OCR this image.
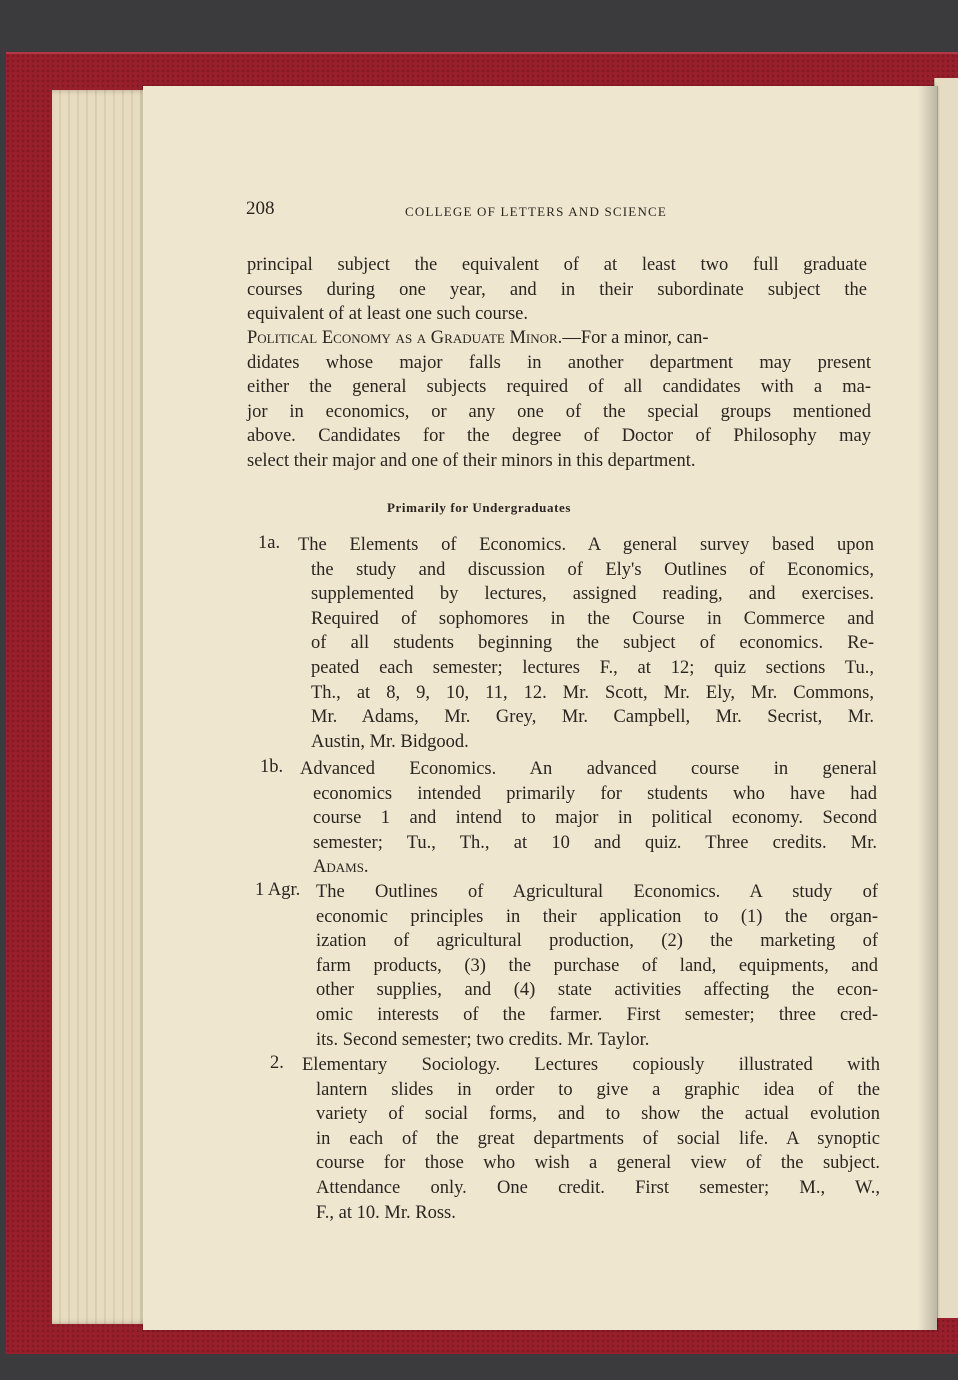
208	COLLEGE OF LETTERS AND SCIENCE
principal subject the equivalent of at least two full graduate
courses during one year, and in their subordinate subject the
equivalent of at least one such course.
Political Economy as a Graduate Minor.—For a minor, can-
didates whose major falls in another department may present
either the general subjects required of all candidates with a ma-
jor in economics, or any one of the special groups mentioned
above. Candidates for the degree of Doctor of Philosophy may
select their major and one of their minors in this department.
Primarily for Undergraduates
1a. The Elements of Economics. A general survey based upon
the study and discussion of Ely's Outlines of Economics,
supplemented by lectures, assigned reading, and exercises.
Required of sophomores in the Course in Commerce and
of all students beginning the subject of economics. Re-
peated each semester; lectures F., at 12; quiz sections Tu.,
Th., at 8, 9, 10, 11, 12. Mr. Scott, Mr. Ely, Mr. Commons,
Mr. Adams, Mr. Grey, Mr. Campbell, Mr. Secrist, Mr.
Austin, Mr. Bidgood.
1b. Advanced Economics. An advanced course in general
economics intended primarily for students who have had
course 1 and intend to major in political economy. Second
semester; Tu., Th., at 10 and quiz. Three credits. Mr.
Adams.
1 Agr. The Outlines of Agricultural Economics. A study of
economic principles in their application to (1) the organ-
ization of agricultural production, (2) the marketing of
farm products, (3) the purchase of land, equipments, and
other supplies, and (4) state activities affecting the econ-
omic interests of the farmer. First semester; three cred-
its. Second semester; two credits. Mr. Taylor.
2. Elementary Sociology. Lectures copiously illustrated with
lantern slides in order to give a graphic idea of the
variety of social forms, and to show the actual evolution
in each of the great departments of social life. A synoptic
course for those who wish a general view of the subject.
Attendance only. One credit. First semester; M., W.,
F., at 10. Mr. Ross.
